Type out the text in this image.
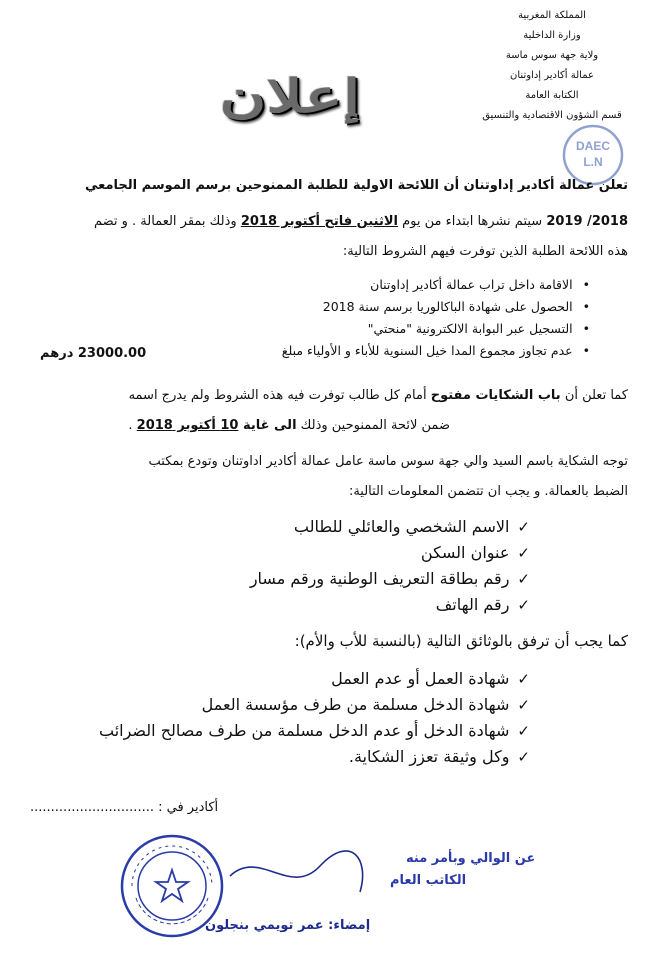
المملكة المغربية
وزارة الداخلية
ولاية جهة سوس ماسة
عمالة أكادير إداوتنان
الكتابة العامة
قسم الشؤون الاقتصادية والتنسيق
إعلان
DAEC
L.N
تعلن عمالة أكادير إداوتنان أن اللائحة الاولية للطلبة الممنوحين برسم الموسم الجامعي
2018/ 2019 سيتم نشرها ابتداء من يوم الاثنين فاتح أكتوبر 2018 وذلك بمقر العمالة . و تضم
هذه اللائحة الطلبة الذين توفرت فيهم الشروط التالية:
• الاقامة داخل تراب عمالة أكادير إداوتنان
• الحصول على شهادة الباكالوريا برسم سنة 2018
• التسجيل عبر البوابة الالكترونية "منحتي"
• عدم تجاوز مجموع المدا خيل السنوية للأباء و الأولياء مبلغ
23000.00 درهم
كما تعلن أن باب الشكايات مفتوح أمام كل طالب توفرت فيه هذه الشروط ولم يدرج اسمه
ضمن لائحة الممنوحين وذلك الى غاية 10 أكتوبر 2018 .
توجه الشكاية باسم السيد والي جهة سوس ماسة عامل عمالة أكادير اداوتنان وتودع بمكتب
الضبط بالعمالة. و يجب ان تتضمن المعلومات التالية:
✓الاسم الشخصي والعائلي للطالب
✓عنوان السكن
✓رقم بطاقة التعريف الوطنية ورقم مسار
✓رقم الهاتف
كما يجب أن ترفق بالوثائق التالية (بالنسبة للأب والأم):
✓شهادة العمل أو عدم العمل
✓شهادة الدخل مسلمة من طرف مؤسسة العمل
✓شهادة الدخل أو عدم الدخل مسلمة من طرف مصالح الضرائب
✓وكل وثيقة تعزز الشكاية.
أكادير في : ..............................
عن الوالي وبأمر منه
الكاتب العام
إمضاء: عمر تويمي بنجلون
